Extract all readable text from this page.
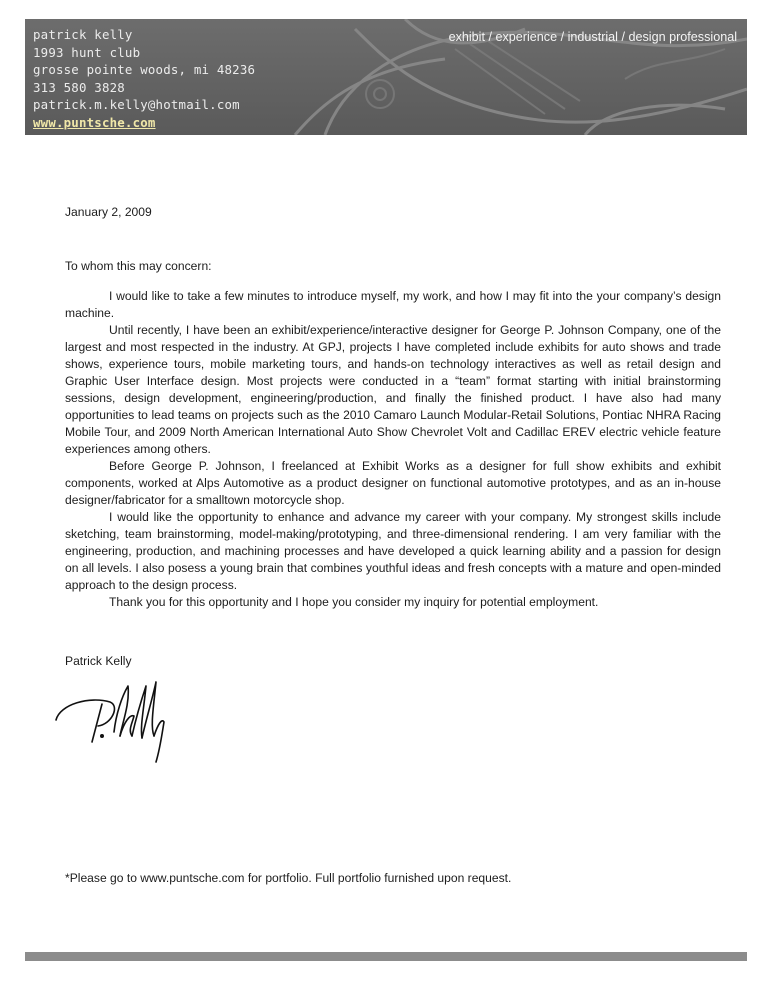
patrick kelly
1993 hunt club
grosse pointe woods, mi 48236
313 580 3828
patrick.m.kelly@hotmail.com
www.puntsche.com
exhibit / experience / industrial / design professional
January 2, 2009
To whom this may concern:

I would like to take a few minutes to introduce myself, my work, and how I may fit into the your company’s design machine.

Until recently, I have been an exhibit/experience/interactive designer for George P. Johnson Company, one of the largest and most respected in the industry. At GPJ, projects I have completed include exhibits for auto shows and trade shows, experience tours, mobile marketing tours, and hands-on technology interactives as well as retail design and Graphic User Interface design. Most projects were conducted in a “team” format starting with initial brainstorming sessions, design development, engineering/production, and finally the finished product. I have also had many opportunities to lead teams on projects such as the 2010 Camaro Launch Modular-Retail Solutions, Pontiac NHRA Racing Mobile Tour, and 2009 North American International Auto Show Chevrolet Volt and Cadillac EREV electric vehicle feature experiences among others.

Before George P. Johnson, I freelanced at Exhibit Works as a designer for full show exhibits and exhibit components, worked at Alps Automotive as a product designer on functional automotive prototypes, and as an in-house designer/fabricator for a smalltown motorcycle shop.

I would like the opportunity to enhance and advance my career with your company. My strongest skills include sketching, team brainstorming, model-making/prototyping, and three-dimensional rendering. I am very familiar with the engineering, production, and machining processes and have developed a quick learning ability and a passion for design on all levels. I also posess a young brain that combines youthful ideas and fresh concepts with a mature and open-minded approach to the design process.

Thank you for this opportunity and I hope you consider my inquiry for potential employment.

Patrick Kelly
*Please go to www.puntsche.com for portfolio. Full portfolio furnished upon request.
